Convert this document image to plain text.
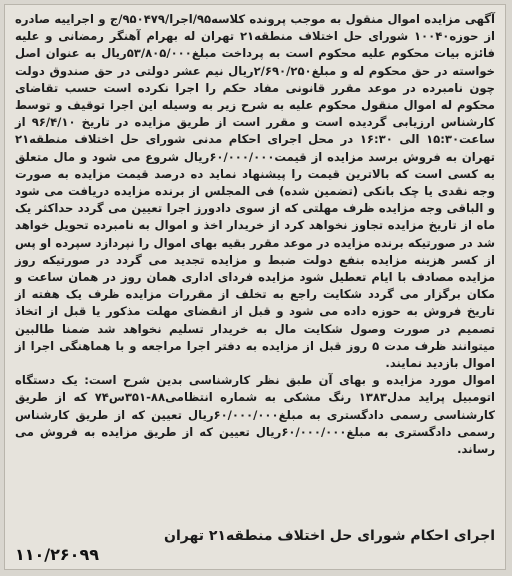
آگهی مزایده اموال منقول به موجب پرونده کلاسه۹۵/اجرا/۹۵۰۴۷۹/ج و اجراییه صادره از حوزه۱۰۰۴۰ شورای حل اختلاف منطقه۲۱ تهران له بهرام آهنگر رمضانی و علیه فائزه بیات محکوم علیه محکوم است به پرداخت مبلغ۵۳/۸۰۵/۰۰۰ریال به عنوان اصل خواسته در حق محکوم له و مبلغ۲/۶۹۰/۲۵۰ریال نیم عشر دولتی در حق صندوق دولت چون نامبرده در موعد مقرر قانونی مفاد حکم را اجرا نکرده است حسب تقاضای محکوم له اموال منقول محکوم علیه به شرح زیر به وسیله این اجرا توقیف و توسط کارشناس ارزیابی گردیده است و مقرر است از طریق مزایده در تاریخ ۹۶/۴/۱۰ از ساعت۱۵:۳۰ الی ۱۶:۳۰ در محل اجرای احکام مدنی شورای حل اختلاف منطقه۲۱ تهران به فروش برسد مزایده از قیمت۶۰/۰۰۰/۰۰۰ریال شروع می شود و مال متعلق به کسی است که بالاترین قیمت را پیشنهاد نماید ده درصد قیمت مزایده به صورت وجه نقدی یا چک بانکی (تضمین شده) فی المجلس از برنده مزایده دریافت می شود و الباقی وجه مزایده ظرف مهلتی که از سوی دادورز اجرا تعیین می گردد حداکثر یک ماه از تاریخ مزایده تجاوز نخواهد کرد از خریدار اخذ و اموال به نامبرده تحویل خواهد شد در صورتیکه برنده مزایده در موعد مقرر بقیه بهای اموال را نپردازد سپرده او پس از کسر هزینه مزایده بنفع دولت ضبط و مزایده تجدید می گردد در صورتیکه روز مزایده مصادف با ایام تعطیل شود مزایده فردای اداری همان روز در همان ساعت و مکان برگزار می گردد شکایت راجع به تخلف از مقررات مزایده ظرف یک هفته از تاریخ فروش به حوزه داده می شود و قبل از انقضای مهلت مذکور یا قبل از اتخاذ تصمیم در صورت وصول شکایت مال به خریدار تسلیم نخواهد شد ضمنا طالبین میتوانند ظرف مدت ۵ روز قبل از مزایده به دفتر اجرا مراجعه و با هماهنگی اجرا از اموال بازدید نمایند.

اموال مورد مزایده و بهای آن طبق نظر کارشناسی بدین شرح است: یک دستگاه اتومبیل پراید مدل۱۳۸۳ رنگ مشکی به شماره انتظامی۸۸-۳۵۱س۷۴ که از طریق کارشناسی رسمی دادگستری به مبلغ۶۰/۰۰۰/۰۰۰ریال تعیین که از طریق کارشناس رسمی دادگستری به مبلغ۶۰/۰۰۰/۰۰۰ریال تعیین که از طریق مزایده به فروش می رساند.

اجرای احکام شورای حل اختلاف منطقه۲۱ تهران
۱۱۰/۲۶۰۹۹
